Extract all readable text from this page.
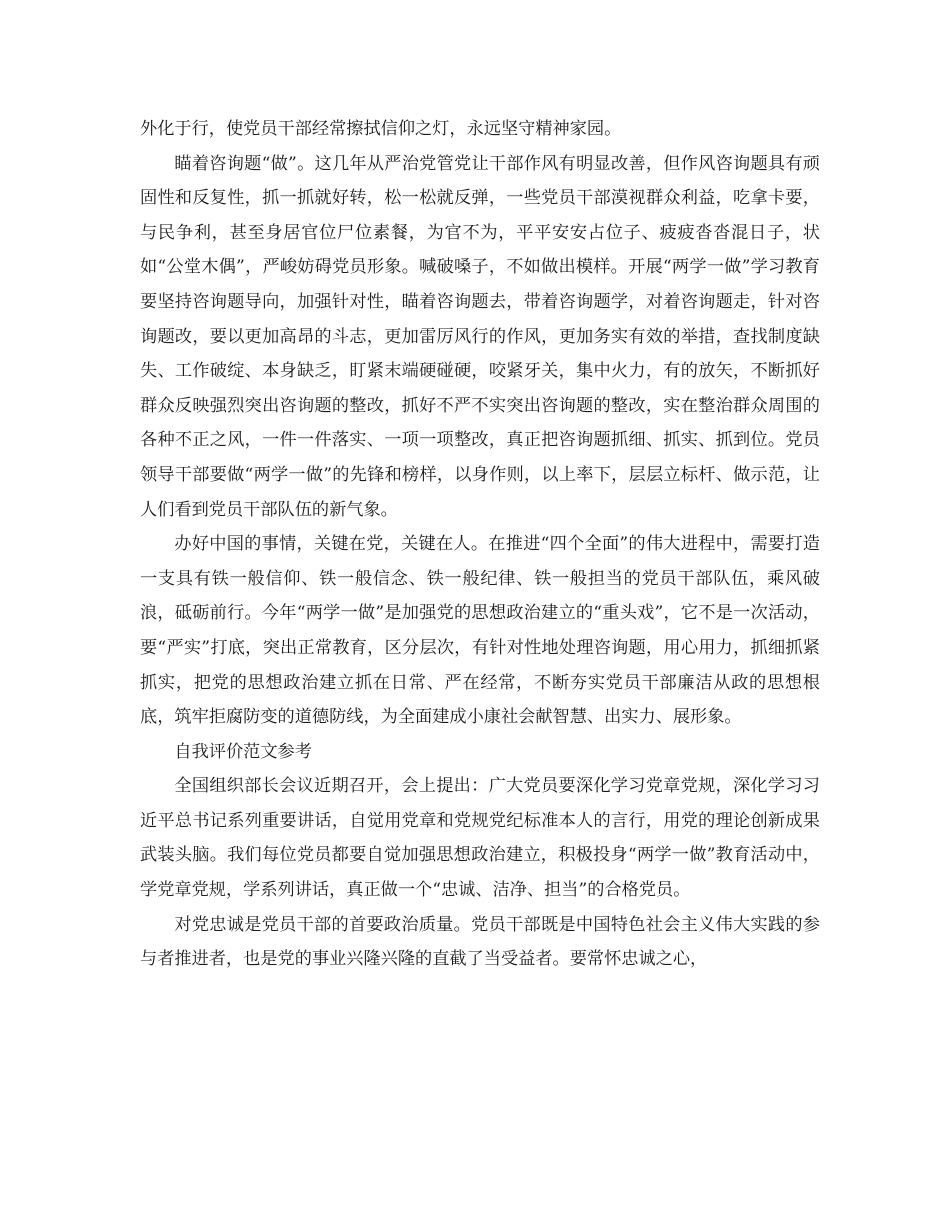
外化于行，使党员干部经常擦拭信仰之灯，永远坚守精神家园。

瞄着咨询题“做”。这几年从严治党管党让干部作风有明显改善，但作风咨询题具有顽固性和反复性，抓一抓就好转，松一松就反弹，一些党员干部漠视群众利益，吃拿卡要，与民争利，甚至身居官位尸位素餐，为官不为，平平安安占位子、疲疲沓沓混日子，状如“公堂木偶”，严峻妨碍党员形象。喊破嗓子，不如做出模样。开展“两学一做”学习教育要坚持咨询题导向，加强针对性，瞄着咨询题去，带着咨询题学，对着咨询题走，针对咨询题改，要以更加高昂的斗志，更加雷厉风行的作风，更加务实有效的举措，查找制度缺失、工作破绽、本身缺乏，盯紧末端硬碰硬，咬紧牙关，集中火力，有的放矢，不断抓好群众反映强烈突出咨询题的整改，抓好不严不实突出咨询题的整改，实在整治群众周围的各种不正之风，一件一件落实、一项一项整改，真正把咨询题抓细、抓实、抓到位。党员领导干部要做“两学一做”的先锋和榜样，以身作则，以上率下，层层立标杆、做示范，让人们看到党员干部队伍的新气象。

办好中国的事情，关键在党，关键在人。在推进“四个全面”的伟大进程中，需要打造一支具有铁一般信仰、铁一般信念、铁一般纪律、铁一般担当的党员干部队伍，乘风破浪，砥砺前行。今年“两学一做”是加强党的思想政治建立的“重头戏”，它不是一次活动，要“严实”打底，突出正常教育，区分层次，有针对性地处理咨询题，用心用力，抓细抓紧抓实，把党的思想政治建立抓在日常、严在经常，不断夯实党员干部廉洁从政的思想根底，筑牢拒腐防变的道德防线，为全面建成小康社会献智慧、出实力、展形象。

自我评价范文参考

全国组织部长会议近期召开，会上提出：广大党员要深化学习党章党规，深化学习习近平总书记系列重要讲话，自觉用党章和党规党纪标准本人的言行，用党的理论创新成果武装头脑。我们每位党员都要自觉加强思想政治建立，积极投身“两学一做”教育活动中，学党章党规，学系列讲话，真正做一个“忠诚、洁净、担当”的合格党员。

对党忠诚是党员干部的首要政治质量。党员干部既是中国特色社会主义伟大实践的参与者推进者，也是党的事业兴隆兴隆的直截了当受益者。要常怀忠诚之心，
